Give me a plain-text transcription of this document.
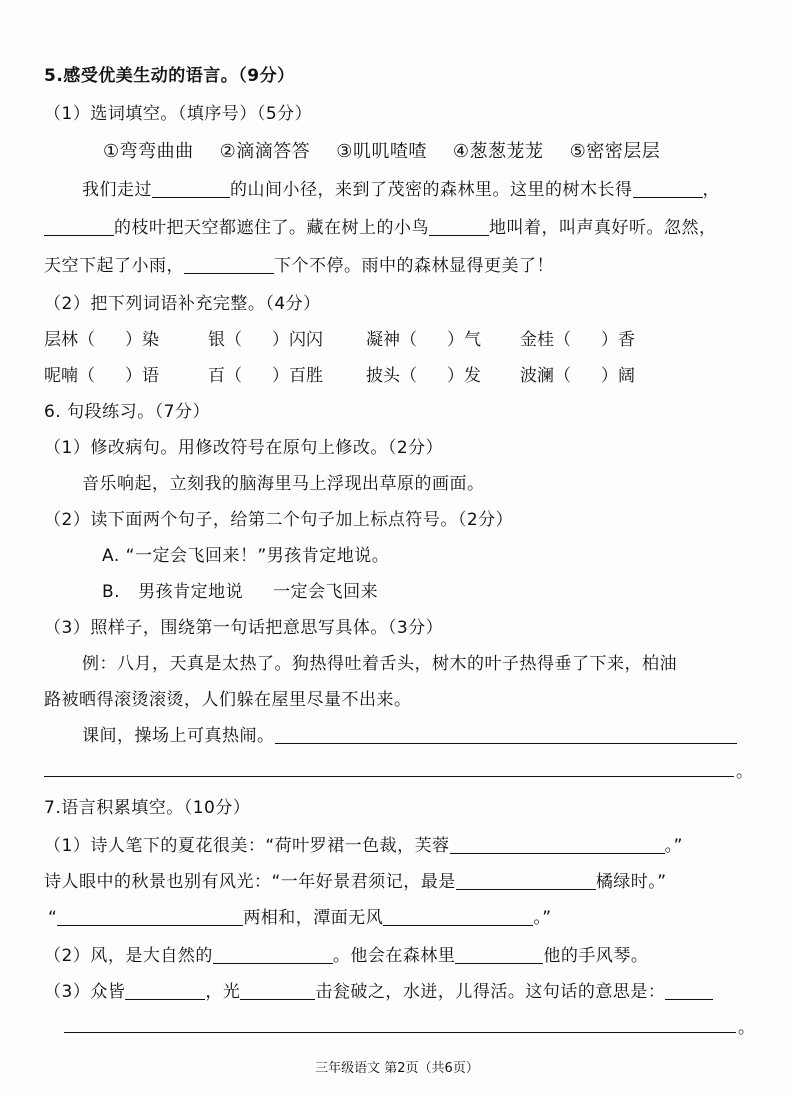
5.感受优美生动的语言。（9分）
（1）选词填空。（填序号）（5分）
①弯弯曲曲 ②滴滴答答 ③叽叽喳喳 ④葱葱茏茏 ⑤密密层层
我们走过	的山间小径，来到了茂密的森林里。这里的树木长得	，
的枝叶把天空都遮住了。藏在树上的小鸟	地叫着，叫声真好听。忽然，
天空下起了小雨，	下个不停。雨中的森林显得更美了！
（2）把下列词语补充完整。（4分）
层林（ ）染	银（ ）闪闪	凝神（ ）气 金桂（ ）香
呢喃（ ）语	百（ ）百胜	披头（ ）发 波澜（ ）阔
6. 句段练习。（7分）
（1）修改病句。用修改符号在原句上修改。（2分）
音乐响起，立刻我的脑海里马上浮现出草原的画面。
（2）读下面两个句子，给第二个句子加上标点符号。（2分）
A. “一定会飞回来！”男孩肯定地说。
B. 男孩肯定地说 一定会飞回来
（3）照样子，围绕第一句话把意思写具体。（3分）
例：八月，天真是太热了。狗热得吐着舌头，树木的叶子热得垂了下来，柏油
路被晒得滚烫滚烫，人们躲在屋里尽量不出来。
课间，操场上可真热闹。
。
7.语言积累填空。（10分）
（1）诗人笔下的夏花很美：“荷叶罗裙一色裁，芙蓉	。”
诗人眼中的秋景也别有风光：“一年好景君须记，最是	橘绿时。”
“	两相和，潭面无风	。”
（2）风，是大自然的	。他会在森林里	他的手风琴。
（3）众皆	，光	击瓮破之，水迸，儿得活。这句话的意思是：
。
三年级语文 第2页（共6页）
